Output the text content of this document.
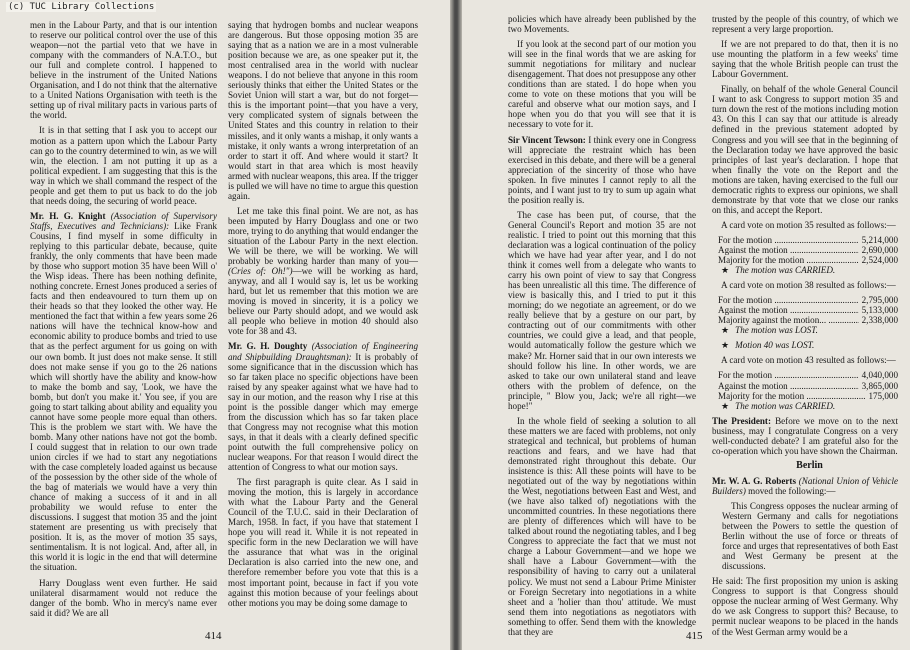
(c) TUC Library Collections

men in the Labour Party, and that is our intention to reserve our political control over the use of this weapon—not the partial veto that we have in company with the commanders of N.A.T.O., but our full and complete control. I happened to believe in the instrument of the United Nations Organisation, and I do not think that the alternative to a United Nations Organisation with teeth is the setting up of rival military pacts in various parts of the world.

It is in that setting that I ask you to accept our motion as a pattern upon which the Labour Party can go to the country determined to win, as we will win, the election. I am not putting it up as a political expedient. I am suggesting that this is the way in which we shall command the respect of the people and get them to put us back to do the job that needs doing, the securing of world peace.

Mr. H. G. Knight (Association of Supervisory Staffs, Executives and Technicians): Like Frank Cousins, I find myself in some difficulty in replying to this particular debate, because, quite frankly, the only comments that have been made by those who support motion 35 have been Will o' the Wisp ideas. There has been nothing definite, nothing concrete. Ernest Jones produced a series of facts and then endeavoured to turn them up on their heads so that they looked the other way. He mentioned the fact that within a few years some 26 nations will have the technical know-how and economic ability to produce bombs and tried to use that as the perfect argument for us going on with our own bomb. It just does not make sense. It still does not make sense if you go to the 26 nations which will shortly have the ability and know-how to make the bomb and say, 'Look, we have the bomb, but don't you make it.' You see, if you are going to start talking about ability and equality you cannot have some people more equal than others. This is the problem we start with. We have the bomb. Many other nations have not got the bomb. I could suggest that in relation to our own trade union circles if we had to start any negotiations with the case completely loaded against us because of the possession by the other side of the whole of the bag of materials we would have a very thin chance of making a success of it and in all probability we would refuse to enter the discussions. I suggest that motion 35 and the joint statement are presenting us with precisely that position. It is, as the mover of motion 35 says, sentimentalism. It is not logical. And, after all, in this world it is logic in the end that will determine the situation.

Harry Douglass went even further. He said unilateral disarmament would not reduce the danger of the bomb. Who in mercy's name ever said it did? We are all

saying that hydrogen bombs and nuclear weapons are dangerous. But those opposing motion 35 are saying that as a nation we are in a most vulnerable position because we are, as one speaker put it, the most centralised area in the world with nuclear weapons. I do not believe that anyone in this room seriously thinks that either the United States or the Soviet Union will start a war, but do not forget—this is the important point—that you have a very, very complicated system of signals between the United States and this country in relation to their missiles, and it only wants a mishap, it only wants a mistake, it only wants a wrong interpretation of an order to start it off. And where would it start? It would start in that area which is most heavily armed with nuclear weapons, this area. If the trigger is pulled we will have no time to argue this question again.

Let me take this final point. We are not, as has been imputed by Harry Douglass and one or two more, trying to do anything that would endanger the situation of the Labour Party in the next election. We will be there, we will be working. We will probably be working harder than many of you—(Cries of: Oh!")—we will be working as hard, anyway, and all I would say is, let us be working hard, but let us remember that this motion we are moving is moved in sincerity, it is a policy we believe our Party should adopt, and we would ask all people who believe in motion 40 should also vote for 38 and 43.

Mr. G. H. Doughty (Association of Engineering and Shipbuilding Draughtsman): It is probably of some significance that in the discussion which has so far taken place no specific objections have been raised by any speaker against what we have had to say in our motion, and the reason why I rise at this point is the possible danger which may emerge from the discussion which has so far taken place that Congress may not recognise what this motion says, in that it deals with a clearly defined specific point outwith the full comprehensive policy on nuclear weapons. For that reason I would direct the attention of Congress to what our motion says.

The first paragraph is quite clear. As I said in moving the motion, this is largely in accordance with what the Labour Party and the General Council of the T.U.C. said in their Declaration of March, 1958. In fact, if you have that statement I hope you will read it. While it is not repeated in specific form in the new Declaration we will have the assurance that what was in the original Declaration is also carried into the new one, and therefore remember before you vote that this is a most important point, because in fact if you vote against this motion because of your feelings about other motions you may be doing some damage to

414

policies which have already been published by the two Movements.

If you look at the second part of our motion you will see in the final words that we are asking for summit negotiations for military and nuclear disengagement. That does not presuppose any other conditions than are stated. I do hope when you come to vote on these motions that you will be careful and observe what our motion says, and I hope when you do that you will see that it is necessary to vote for it.

Sir Vincent Tewson: I think every one in Congress will appreciate the restraint which has been exercised in this debate, and there will be a general appreciation of the sincerity of those who have spoken. In five minutes I cannot reply to all the points, and I want just to try to sum up again what the position really is.

The case has been put, of course, that the General Council's Report and motion 35 are not realistic. I tried to point out this morning that this declaration was a logical continuation of the policy which we have had year after year, and I do not think it comes well from a delegate who wants to carry his own point of view to say that Congress has been unrealistic all this time. The difference of view is basically this, and I tried to put it this morning; do we negotiate an agreement, or do we really believe that by a gesture on our part, by contracting out of our commitments with other countries, we could give a lead, and that people, would automatically follow the gesture which we make? Mr. Horner said that in our own interests we should follow his line. In other words, we are asked to take our own unilateral stand and leave others with the problem of defence, on the principle, " Blow you, Jack; we're all right—we hope!"

In the whole field of seeking a solution to all these matters we are faced with problems, not only strategical and technical, but problems of human reactions and fears, and we have had that demonstrated right throughout this debate. Our insistence is this: All these points will have to be negotiated out of the way by negotiations within the West, negotiations between East and West, and (we have also talked of) negotiations with the uncommitted countries. In these negotiations there are plenty of differences which will have to be talked about round the negotiating tables, and I beg Congress to appreciate the fact that we must not charge a Labour Government—and we hope we shall have a Labour Government—with the responsibility of having to carry out a unilateral policy. We must not send a Labour Prime Minister or Foreign Secretary into negotiations in a white sheet and a 'holier than thou' attitude. We must send them into negotiations as negotiators with something to offer. Send them with the knowledge that they are

trusted by the people of this country, of which we represent a very large proportion.

If we are not prepared to do that, then it is no use mounting the platform in a few weeks' time saying that the whole British people can trust the Labour Government.

Finally, on behalf of the whole General Council I want to ask Congress to support motion 35 and turn down the rest of the motions including motion 43. On this I can say that our attitude is already defined in the previous statement adopted by Congress and you will see that in the beginning of the Declaration today we have approved the basic principles of last year's declaration. I hope that when finally the vote on the Report and the motions are taken, having exercised to the full our democratic rights to express our opinions, we shall demonstrate by that vote that we close our ranks on this, and accept the Report.

A card vote on motion 35 resulted as follows:—

For the motion .....	5,214,000
Against the motion .....	2,690,000
Majority for the motion .....	2,524,000

★ The motion was CARRIED.

A card vote on motion 38 resulted as follows:—

For the motion .....	2,795,000
Against the motion .....	5,133,000
Majority against the motion... .....	2,338,000

★ The motion was LOST.

★ Motion 40 was LOST.

A card vote on motion 43 resulted as follows:—

For the motion .....	4,040,000
Against the motion .....	3,865,000
Majority for the motion .....	175,000

★ The motion was CARRIED.

The President: Before we move on to the next business, may I congratulate Congress on a very well-conducted debate? I am grateful also for the co-operation which you have shown the Chairman.

Berlin

Mr. W. A. G. Roberts (National Union of Vehicle Builders) moved the following:—

This Congress opposes the nuclear arming of Western Germany and calls for negotiations between the Powers to settle the question of Berlin without the use of force or threats of force and urges that representatives of both East and West Germany be present at the discussions.

He said: The first proposition my union is asking Congress to support is that Congress should oppose the nuclear arming of West Germany. Why do we ask Congress to support this? Because, to permit nuclear weapons to be placed in the hands of the West German army would be a

415
